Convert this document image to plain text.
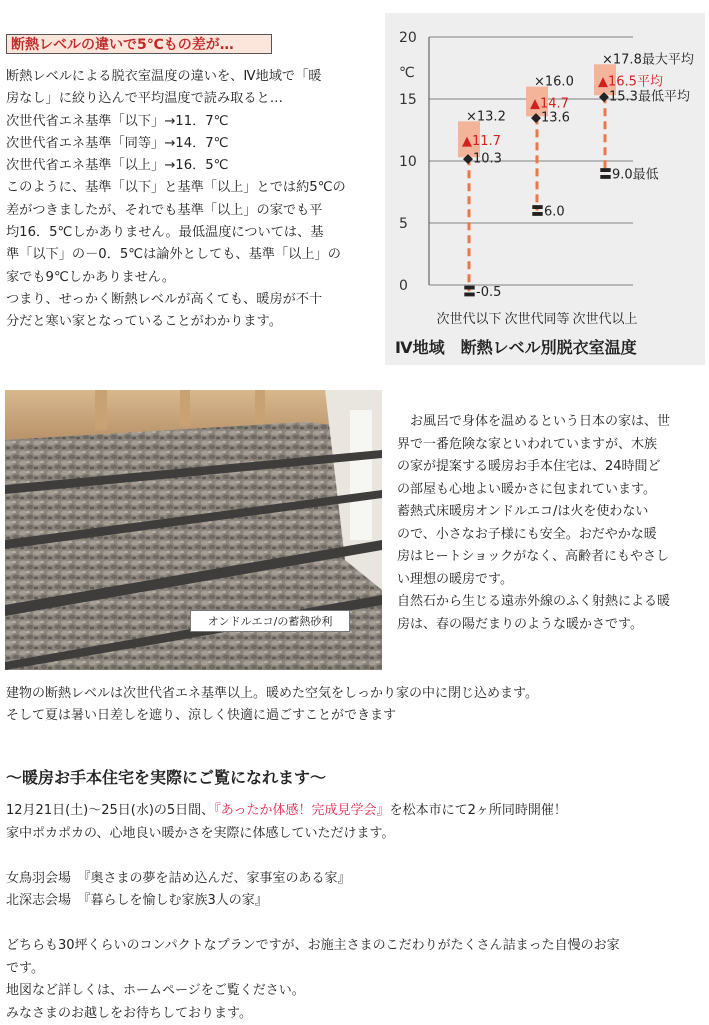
断熱レベルの違いで5℃もの差が…
断熱レベルによる脱衣室温度の違いを、Ⅳ地域で「暖
房なし」に絞り込んで平均温度で読み取ると…
次世代省エネ基準「以下」→11．7℃
次世代省エネ基準「同等」→14．7℃
次世代省エネ基準「以上」→16．5℃
このように、基準「以下」と基準「以上」とでは約5℃の
差がつきましたが、それでも基準「以上」の家でも平
均16．5℃しかありません。最低温度については、基
準「以下」の－0．5℃は論外としても、基準「以上」の
家でも9℃しかありません。
つまり、せっかく断熱レベルが高くても、暖房が不十
分だと寒い家となっていることがわかります。
0
5
10
15
20
℃
×13.2
▲11.7
◆10.3
〓-0.5
次世代以下
×16.0
▲14.7
◆13.6
〓6.0
次世代同等
×17.8最大平均
▲16.5平均
◆15.3最低平均
〓9.0最低
次世代以上
Ⅳ地域　断熱レベル別脱衣室温度
オンドルエコ/の蓄熱砂利
　お風呂で身体を温めるという日本の家は、世
界で一番危険な家といわれていますが、木族
の家が提案する暖房お手本住宅は、24時間ど
の部屋も心地よい暖かさに包まれています。
蓄熱式床暖房オンドルエコ/は火を使わない
ので、小さなお子様にも安全。おだやかな暖
房はヒートショックがなく、高齢者にもやさし
い理想の暖房です。
自然石から生じる遠赤外線のふく射熱による暖
房は、春の陽だまりのような暖かさです。
建物の断熱レベルは次世代省エネ基準以上。暖めた空気をしっかり家の中に閉じ込めます。
そして夏は暑い日差しを遮り、涼しく快適に過ごすことができます
～暖房お手本住宅を実際にご覧になれます～
12月21日(土)～25日(水)の5日間、『あったか体感！完成見学会』を松本市にて2ヶ所同時開催！
家中ポカポカの、心地良い暖かさを実際に体感していただけます。
女鳥羽会場　『奥さまの夢を詰め込んだ、家事室のある家』
北深志会場　『暮らしを愉しむ家族3人の家』
どちらも30坪くらいのコンパクトなプランですが、お施主さまのこだわりがたくさん詰まった自慢のお家
です。
地図など詳しくは、ホームページをご覧ください。
みなさまのお越しをお待ちしております。
